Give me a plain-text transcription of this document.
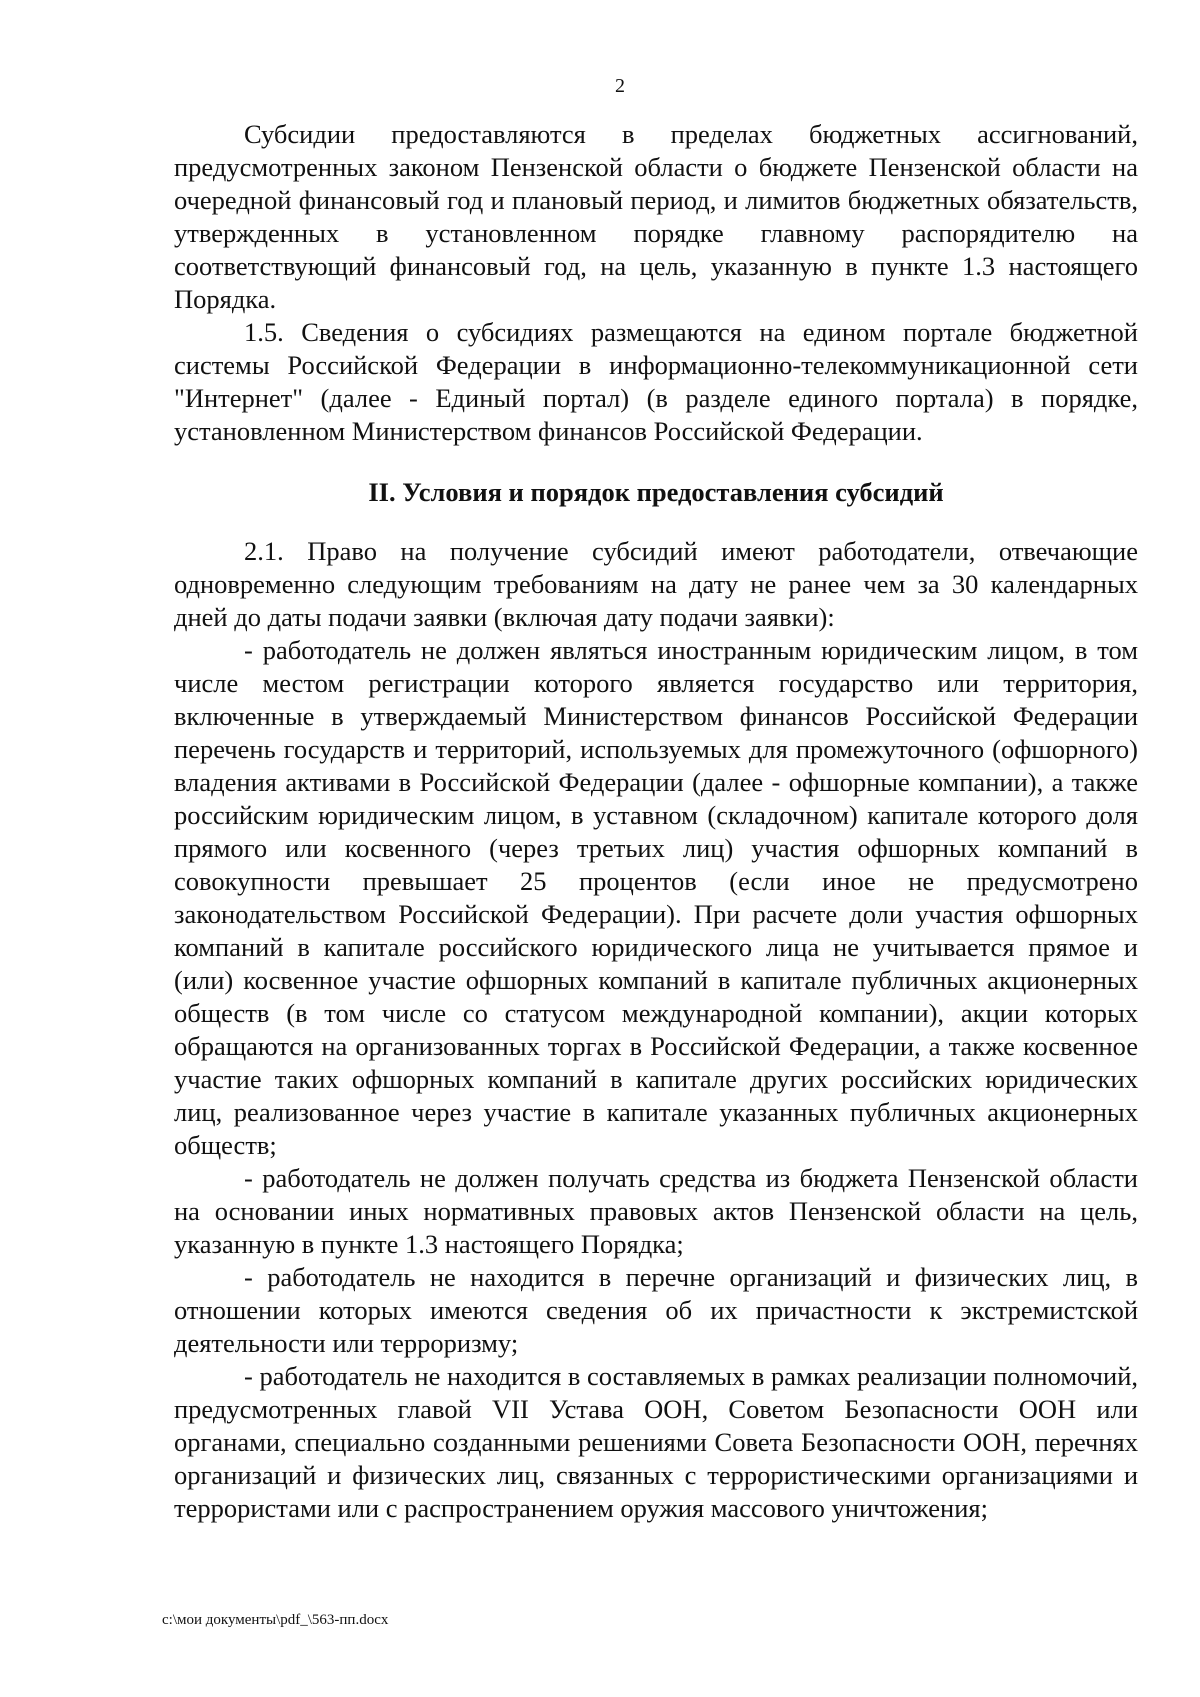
2

Субсидии предоставляются в пределах бюджетных ассигнований, предусмотренных законом Пензенской области о бюджете Пензенской области на очередной финансовый год и плановый период, и лимитов бюджетных обязательств, утвержденных в установленном порядке главному распорядителю на соответствующий финансовый год, на цель, указанную в пункте 1.3 настоящего Порядка.

1.5. Сведения о субсидиях размещаются на едином портале бюджетной системы Российской Федерации в информационно-телекоммуникационной сети "Интернет" (далее - Единый портал) (в разделе единого портала) в порядке, установленном Министерством финансов Российской Федерации.

II. Условия и порядок предоставления субсидий

2.1. Право на получение субсидий имеют работодатели, отвечающие одновременно следующим требованиям на дату не ранее чем за 30 календарных дней до даты подачи заявки (включая дату подачи заявки):

- работодатель не должен являться иностранным юридическим лицом, в том числе местом регистрации которого является государство или территория, включенные в утверждаемый Министерством финансов Российской Федерации перечень государств и территорий, используемых для промежуточного (офшорного) владения активами в Российской Федерации (далее - офшорные компании), а также российским юридическим лицом, в уставном (складочном) капитале которого доля прямого или косвенного (через третьих лиц) участия офшорных компаний в совокупности превышает 25 процентов (если иное не предусмотрено законодательством Российской Федерации). При расчете доли участия офшорных компаний в капитале российского юридического лица не учитывается прямое и (или) косвенное участие офшорных компаний в капитале публичных акционерных обществ (в том числе со статусом международной компании), акции которых обращаются на организованных торгах в Российской Федерации, а также косвенное участие таких офшорных компаний в капитале других российских юридических лиц, реализованное через участие в капитале указанных публичных акционерных обществ;

- работодатель не должен получать средства из бюджета Пензенской области на основании иных нормативных правовых актов Пензенской области на цель, указанную в пункте 1.3 настоящего Порядка;

- работодатель не находится в перечне организаций и физических лиц, в отношении которых имеются сведения об их причастности к экстремистской деятельности или терроризму;

- работодатель не находится в составляемых в рамках реализации полномочий, предусмотренных главой VII Устава ООН, Советом Безопасности ООН или органами, специально созданными решениями Совета Безопасности ООН, перечнях организаций и физических лиц, связанных с террористическими организациями и террористами или с распространением оружия массового уничтожения;

c:\мои документы\pdf_\563-пп.docx
